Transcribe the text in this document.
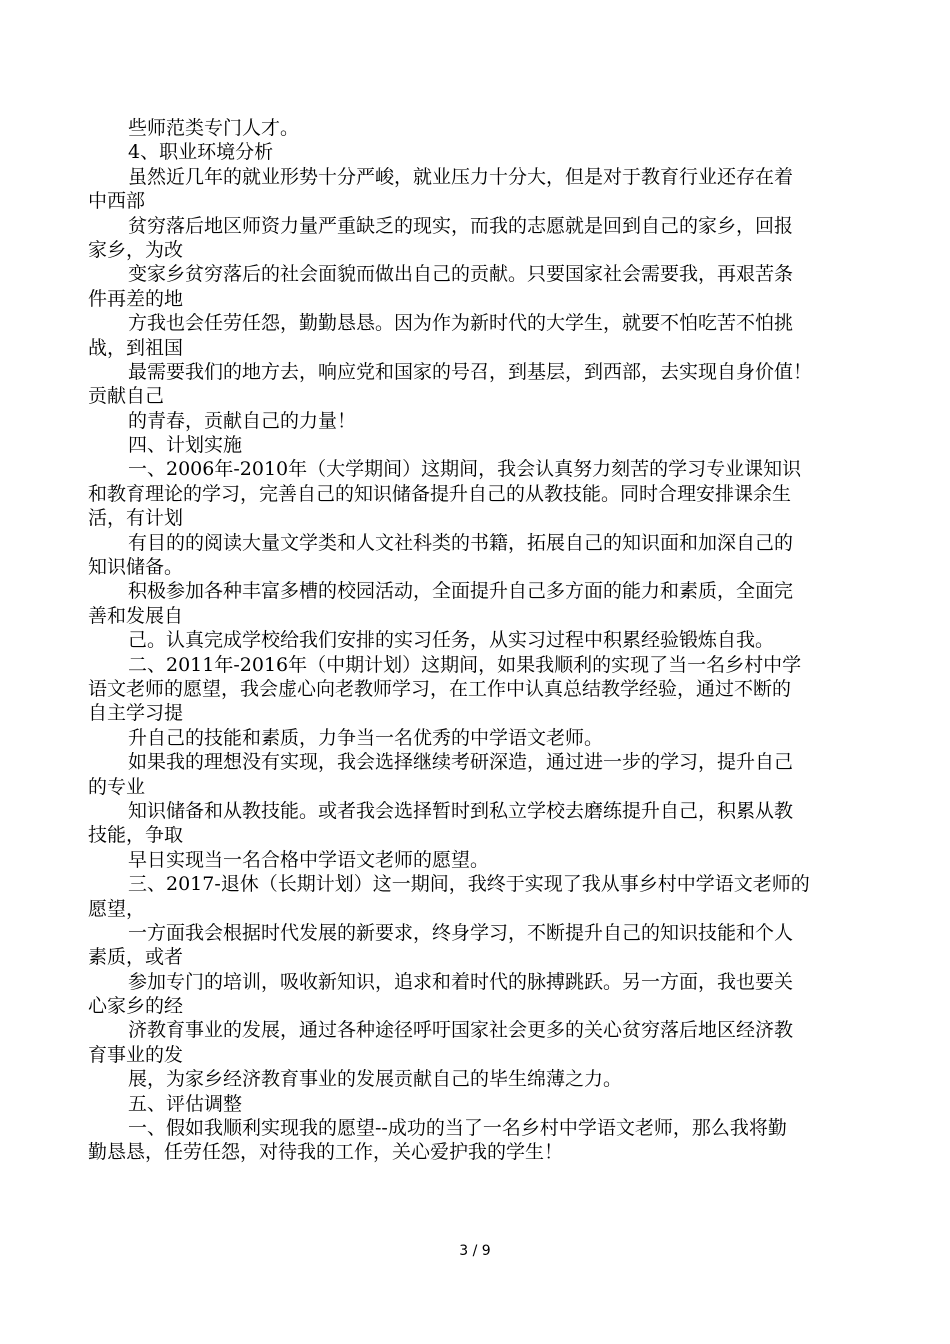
些师范类专门人才。
4、职业环境分析
虽然近几年的就业形势十分严峻，就业压力十分大，但是对于教育行业还存在着
中西部
贫穷落后地区师资力量严重缺乏的现实，而我的志愿就是回到自己的家乡，回报
家乡，为改
变家乡贫穷落后的社会面貌而做出自己的贡献。只要国家社会需要我，再艰苦条
件再差的地
方我也会任劳任怨，勤勤恳恳。因为作为新时代的大学生，就要不怕吃苦不怕挑
战，到祖国
最需要我们的地方去，响应党和国家的号召，到基层，到西部，去实现自身价值！
贡献自己
的青春，贡献自己的力量！
四、计划实施
一、2006年-2010年（大学期间）这期间，我会认真努力刻苦的学习专业课知识
和教育理论的学习，完善自己的知识储备提升自己的从教技能。同时合理安排课余生
活，有计划
有目的的阅读大量文学类和人文社科类的书籍，拓展自己的知识面和加深自己的
知识储备。
积极参加各种丰富多槽的校园活动，全面提升自己多方面的能力和素质，全面完
善和发展自
己。认真完成学校给我们安排的实习任务，从实习过程中积累经验锻炼自我。
二、2011年-2016年（中期计划）这期间，如果我顺利的实现了当一名乡村中学
语文老师的愿望，我会虚心向老教师学习，在工作中认真总结教学经验，通过不断的
自主学习提
升自己的技能和素质，力争当一名优秀的中学语文老师。
如果我的理想没有实现，我会选择继续考研深造，通过进一步的学习，提升自己
的专业
知识储备和从教技能。或者我会选择暂时到私立学校去磨练提升自己，积累从教
技能，争取
早日实现当一名合格中学语文老师的愿望。
三、2017-退休（长期计划）这一期间，我终于实现了我从事乡村中学语文老师的
愿望，
一方面我会根据时代发展的新要求，终身学习，不断提升自己的知识技能和个人
素质，或者
参加专门的培训，吸收新知识，追求和着时代的脉搏跳跃。另一方面，我也要关
心家乡的经
济教育事业的发展，通过各种途径呼吁国家社会更多的关心贫穷落后地区经济教
育事业的发
展，为家乡经济教育事业的发展贡献自己的毕生绵薄之力。
五、评估调整
一、假如我顺利实现我的愿望--成功的当了一名乡村中学语文老师，那么我将勤
勤恳恳，任劳任怨，对待我的工作，关心爱护我的学生！
3 / 9
